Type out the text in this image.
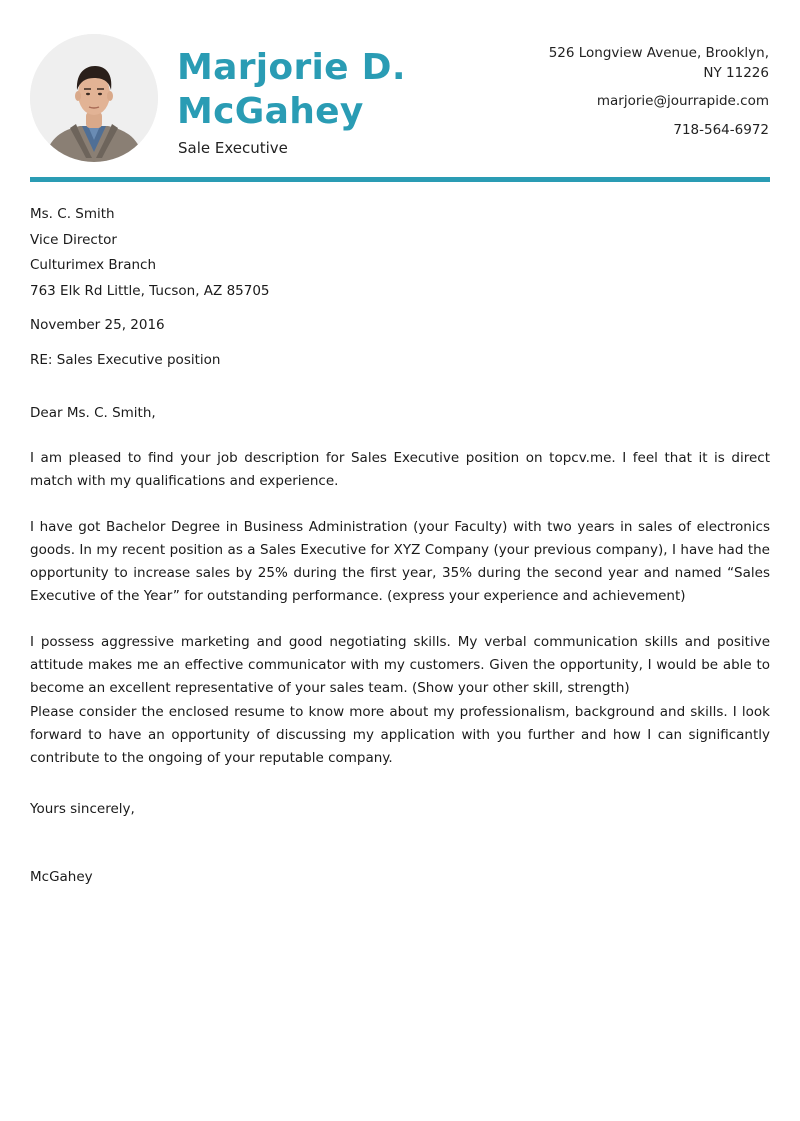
Marjorie D.
McGahey
Sale Executive
526 Longview Avenue, Brooklyn,
NY 11226
marjorie@jourrapide.com
718-564-6972
Ms. C. Smith
Vice Director
Culturimex Branch
763 Elk Rd Little, Tucson, AZ 85705
November 25, 2016
RE: Sales Executive position
Dear Ms. C. Smith,
I am pleased to find your job description for Sales Executive position on topcv.me. I feel that it is direct match with my qualifications and experience.
I have got Bachelor Degree in Business Administration (your Faculty) with two years in sales of electronics goods. In my recent position as a Sales Executive for XYZ Company (your previous company), I have had the opportunity to increase sales by 25% during the first year, 35% during the second year and named “Sales Executive of the Year” for outstanding performance. (express your experience and achievement)
I possess aggressive marketing and good negotiating skills. My verbal communication skills and positive attitude makes me an effective communicator with my customers. Given the opportunity, I would be able to become an excellent representative of your sales team. (Show your other skill, strength)
Please consider the enclosed resume to know more about my professionalism, background and skills. I look forward to have an opportunity of discussing my application with you further and how I can significantly contribute to the ongoing of your reputable company.
Yours sincerely,
McGahey
